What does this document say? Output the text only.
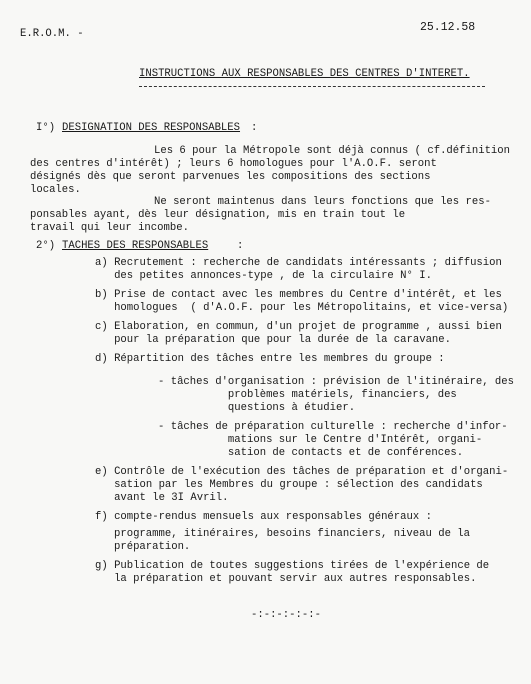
E.R.O.M. -	25.12.58
INSTRUCTIONS AUX RESPONSABLES DES CENTRES D'INTERET.
I°) DESIGNATION DES RESPONSABLES :
Les 6 pour la Métropole sont déjà connus ( cf.définition
des centres d'intérêt) ; leurs 6 homologues pour l'A.O.F. seront
désignés dès que seront parvenues les compositions des sections
locales.
Ne seront maintenus dans leurs fonctions que les res-
ponsables ayant, dès leur désignation, mis en train tout le
travail qui leur incombe.
2°) TACHES DES RESPONSABLES	:
a) Recrutement : recherche de candidats intéressants ; diffusion
des petites annonces-type , de la circulaire N° I.
b) Prise de contact avec les membres du Centre d'intérêt, et les
homologues  ( d'A.O.F. pour les Métropolitains, et vice-versa)
c) Elaboration, en commun, d'un projet de programme , aussi bien
pour la préparation que pour la durée de la caravane.
d) Répartition des tâches entre les membres du groupe :
- tâches d'organisation : prévision de l'itinéraire, des
problèmes matériels, financiers, des
questions à étudier.
- tâches de préparation culturelle : recherche d'infor-
mations sur le Centre d'Intérêt, organi-
sation de contacts et de conférences.
e) Contrôle de l'exécution des tâches de préparation et d'organi-
sation par les Membres du groupe : sélection des candidats
avant le 3I Avril.
f) compte-rendus mensuels aux responsables généraux :
programme, itinéraires, besoins financiers, niveau de la
préparation.
g) Publication de toutes suggestions tirées de l'expérience de
la préparation et pouvant servir aux autres responsables.
-:-:-:-:-:-
